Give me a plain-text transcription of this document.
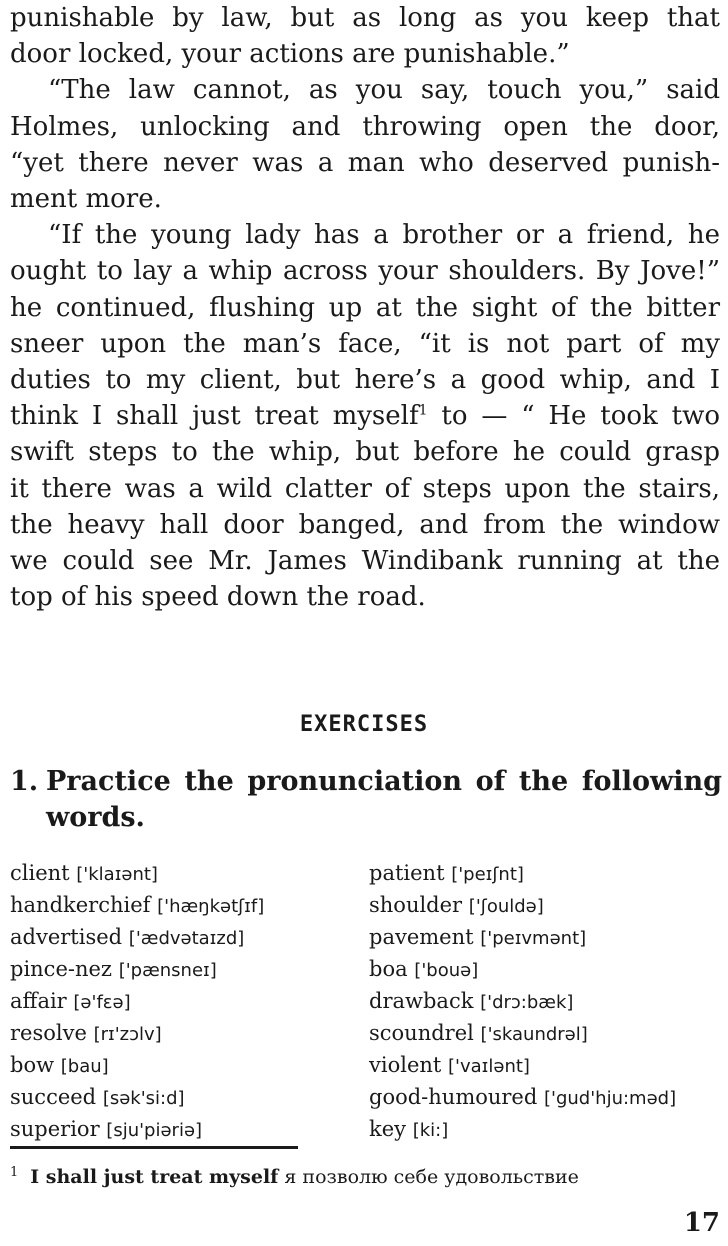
punishable by law, but as long as you keep that
door locked, your actions are punishable.”

“The law cannot, as you say, touch you,” said
Holmes, unlocking and throwing open the door,
“yet there never was a man who deserved punish-
ment more.

“If the young lady has a brother or a friend, he
ought to lay a whip across your shoulders. By Jove!”
he continued, flushing up at the sight of the bitter
sneer upon the man’s face, “it is not part of my
duties to my client, but here’s a good whip, and I
think I shall just treat myself$^1$ to — “ He took two
swift steps to the whip, but before he could grasp
it there was a wild clatter of steps upon the stairs,
the heavy hall door banged, and from the window
we could see Mr. James Windibank running at the
top of his speed down the road.

EXERCISES
1. Practice the pronunciation of the following
words.
client ['klaɪənt]
handkerchief ['hæŋkətʃɪf]
advertised ['ædvətaɪzd]
pince-nez ['pænsneɪ]
affair [ə'fɛə]
resolve [rɪ'zɔlv]
bow [bau]
succeed [sək'si:d]
superior [sju'piəriə]
patient ['peɪʃnt]
shoulder ['ʃouldə]
pavement ['peɪvmənt]
boa ['bouə]
drawback ['drɔ:bæk]
scoundrel ['skaundrəl]
violent ['vaɪlənt]
good-humoured ['gud'hju:məd]
key [ki:]
$^1$ I shall just treat myself я позволю себе удовольствие
17
